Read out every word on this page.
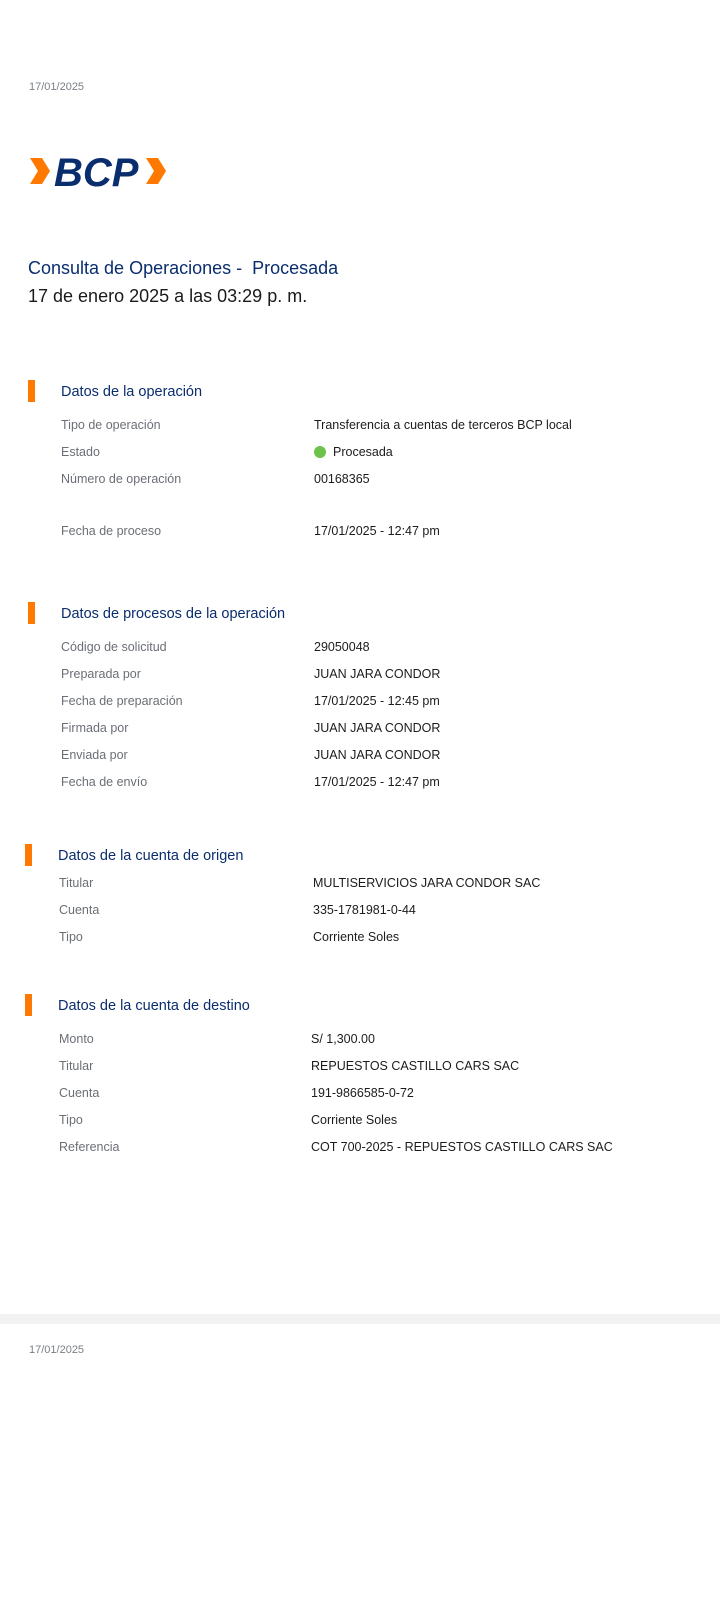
17/01/2025
BCP
Consulta de Operaciones - Procesada
17 de enero 2025 a las 03:29 p. m.
Datos de la operación
Tipo de operación	Transferencia a cuentas de terceros BCP local
Estado	Procesada
Número de operación	00168365
Fecha de proceso	17/01/2025 - 12:47 pm
Datos de procesos de la operación
Código de solicitud	29050048
Preparada por	JUAN JARA CONDOR
Fecha de preparación	17/01/2025 - 12:45 pm
Firmada por	JUAN JARA CONDOR
Enviada por	JUAN JARA CONDOR
Fecha de envío	17/01/2025 - 12:47 pm
Datos de la cuenta de origen
Titular	MULTISERVICIOS JARA CONDOR SAC
Cuenta	335-1781981-0-44
Tipo	Corriente Soles
Datos de la cuenta de destino
Monto	S/ 1,300.00
Titular	REPUESTOS CASTILLO CARS SAC
Cuenta	191-9866585-0-72
Tipo	Corriente Soles
Referencia	COT 700-2025 - REPUESTOS CASTILLO CARS SAC
17/01/2025
